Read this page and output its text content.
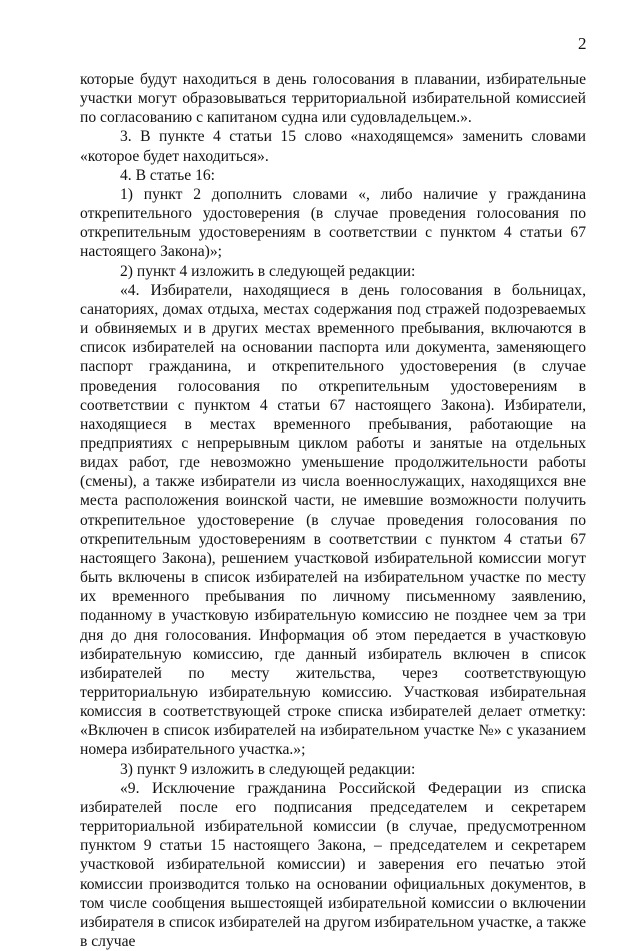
2

которые будут находиться в день голосования в плавании, избирательные участки могут образовываться территориальной избирательной комиссией по согласованию с капитаном судна или судовладельцем.».

3. В пункте 4 статьи 15 слово «находящемся» заменить словами «которое будет находиться».

4. В статье 16:

1) пункт 2 дополнить словами «, либо наличие у гражданина открепительного удостоверения (в случае проведения голосования по открепительным удостоверениям в соответствии с пунктом 4 статьи 67 настоящего Закона)»;

2) пункт 4 изложить в следующей редакции:

«4. Избиратели, находящиеся в день голосования в больницах, санаториях, домах отдыха, местах содержания под стражей подозреваемых и обвиняемых и в других местах временного пребывания, включаются в список избирателей на основании паспорта или документа, заменяющего паспорт гражданина, и открепительного удостоверения (в случае проведения голосования по открепительным удостоверениям в соответствии с пунктом 4 статьи 67 настоящего Закона). Избиратели, находящиеся в местах временного пребывания, работающие на предприятиях с непрерывным циклом работы и занятые на отдельных видах работ, где невозможно уменьшение продолжительности работы (смены), а также избиратели из числа военнослужащих, находящихся вне места расположения воинской части, не имевшие возможности получить открепительное удостоверение (в случае проведения голосования по открепительным удостоверениям в соответствии с пунктом 4 статьи 67 настоящего Закона), решением участковой избирательной комиссии могут быть включены в список избирателей на избирательном участке по месту их временного пребывания по личному письменному заявлению, поданному в участковую избирательную комиссию не позднее чем за три дня до дня голосования. Информация об этом передается в участковую избирательную комиссию, где данный избиратель включен в список избирателей по месту жительства, через соответствующую территориальную избирательную комиссию. Участковая избирательная комиссия в соответствующей строке списка избирателей делает отметку: «Включен в список избирателей на избирательном участке №» с указанием номера избирательного участка.»;

3) пункт 9 изложить в следующей редакции:

«9. Исключение гражданина Российской Федерации из списка избирателей после его подписания председателем и секретарем территориальной избирательной комиссии (в случае, предусмотренном пунктом 9 статьи 15 настоящего Закона, – председателем и секретарем участковой избирательной комиссии) и заверения его печатью этой комиссии производится только на основании официальных документов, в том числе сообщения вышестоящей избирательной комиссии о включении избирателя в список избирателей на другом избирательном участке, а также в случае
